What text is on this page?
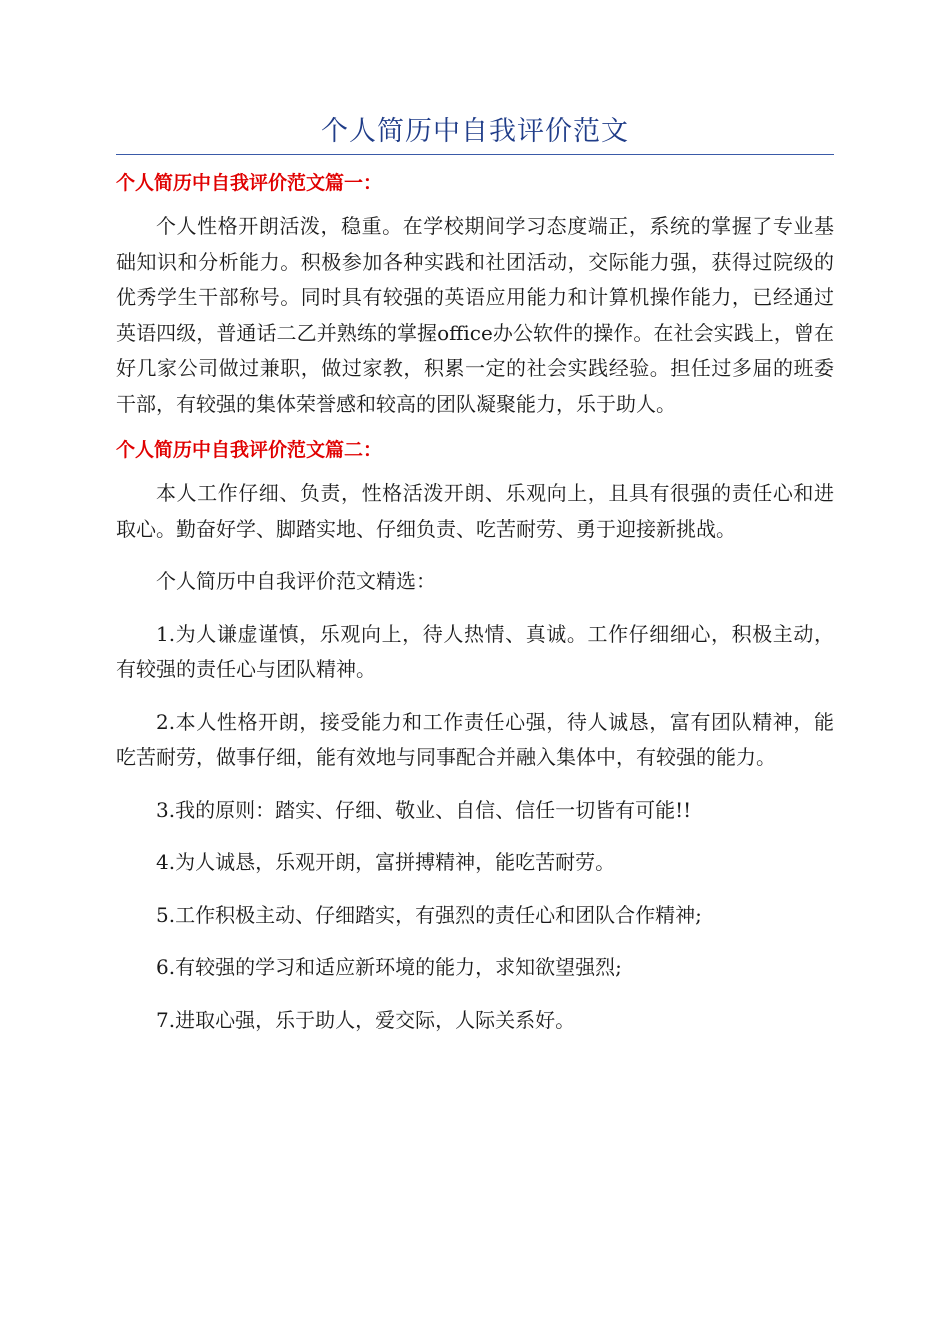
个人简历中自我评价范文
个人简历中自我评价范文篇一：

个人性格开朗活泼，稳重。在学校期间学习态度端正，系统的掌握了专业基础知识和分析能力。积极参加各种实践和社团活动，交际能力强，获得过院级的优秀学生干部称号。同时具有较强的英语应用能力和计算机操作能力，已经通过英语四级，普通话二乙并熟练的掌握office办公软件的操作。在社会实践上，曾在好几家公司做过兼职，做过家教，积累一定的社会实践经验。担任过多届的班委干部，有较强的集体荣誉感和较高的团队凝聚能力，乐于助人。

个人简历中自我评价范文篇二：

本人工作仔细、负责，性格活泼开朗、乐观向上，且具有很强的责任心和进取心。勤奋好学、脚踏实地、仔细负责、吃苦耐劳、勇于迎接新挑战。

个人简历中自我评价范文精选：

1.为人谦虚谨慎，乐观向上，待人热情、真诚。工作仔细细心，积极主动，有较强的责任心与团队精神。
2.本人性格开朗，接受能力和工作责任心强，待人诚恳，富有团队精神，能吃苦耐劳，做事仔细，能有效地与同事配合并融入集体中，有较强的能力。
3.我的原则：踏实、仔细、敬业、自信、信任一切皆有可能!!
4.为人诚恳，乐观开朗，富拼搏精神，能吃苦耐劳。
5.工作积极主动、仔细踏实，有强烈的责任心和团队合作精神;
6.有较强的学习和适应新环境的能力，求知欲望强烈;
7.进取心强，乐于助人，爱交际，人际关系好。
